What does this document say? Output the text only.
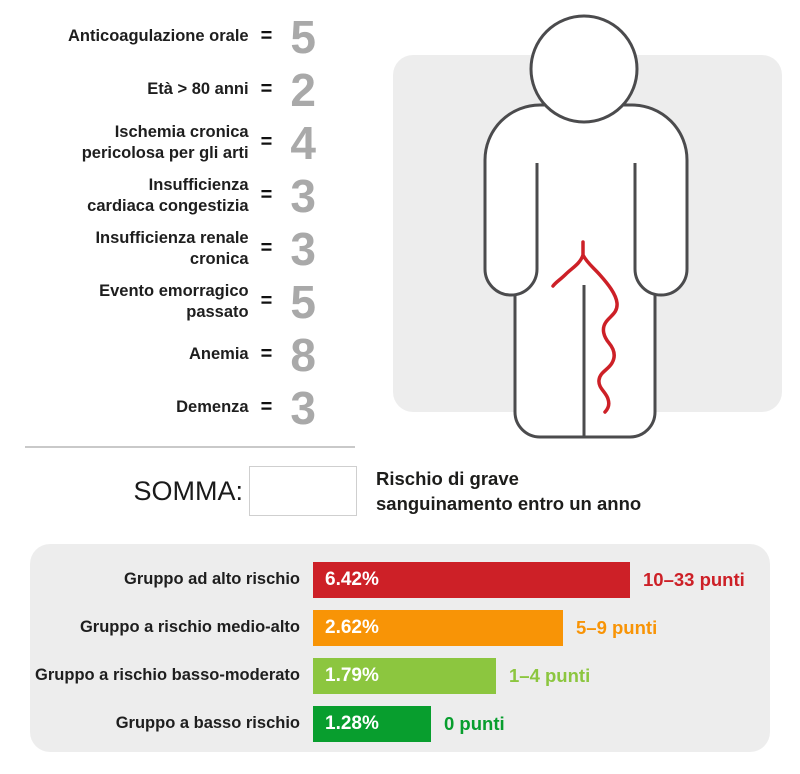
Anticoagulazione orale = 5
Età > 80 anni = 2
Ischemia cronica
pericolosa per gli arti = 4
Insufficienza
cardiaca congestizia = 3
Insufficienza renale
cronica = 3
Evento emorragico
passato = 5
Anemia = 8
Demenza = 3
SOMMA:	Rischio di grave
sanguinamento entro un anno
Gruppo ad alto rischio	6.42%	10–33 punti
Gruppo a rischio medio-alto	2.62%	5–9 punti
Gruppo a rischio basso-moderato	1.79%	1–4 punti
Gruppo a basso rischio	1.28%	0 punti
